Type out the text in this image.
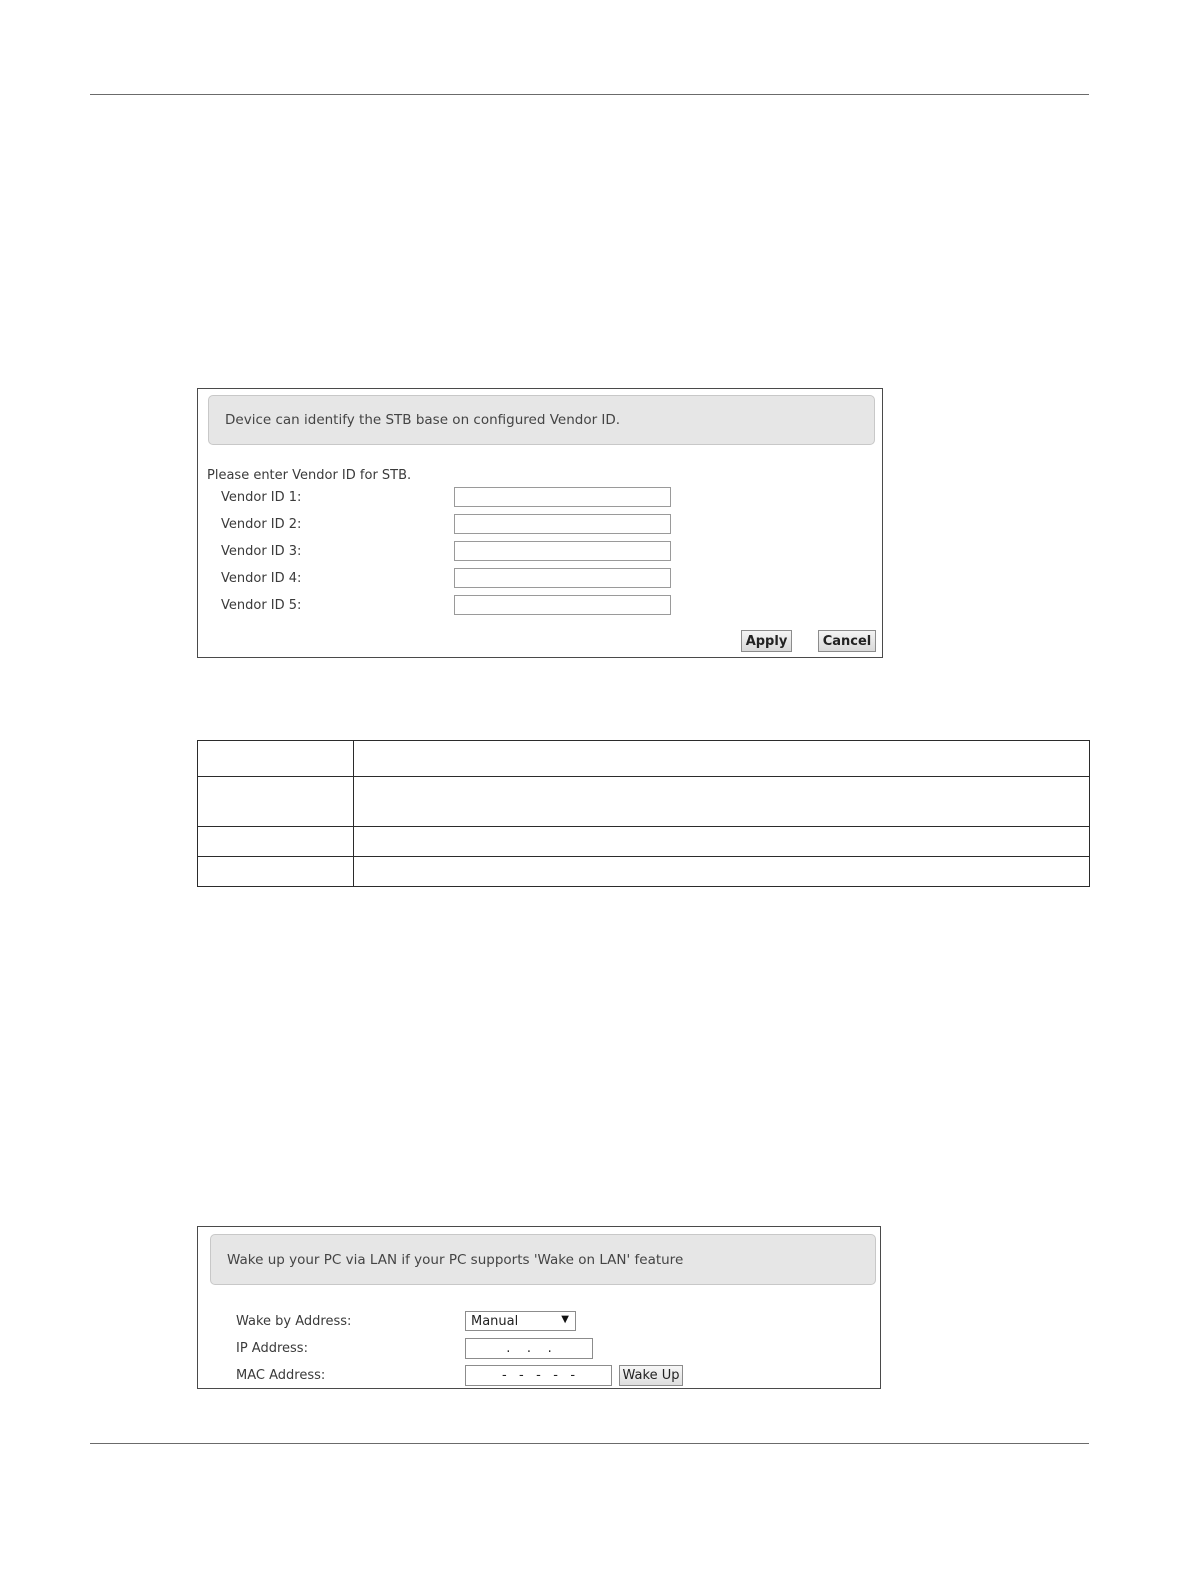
Device can identify the STB base on configured Vendor ID.
Please enter Vendor ID for STB.
Vendor ID 1:
Vendor ID 2:
Vendor ID 3:
Vendor ID 4:
Vendor ID 5:
Apply	Cancel

Wake up your PC via LAN if your PC supports 'Wake on LAN' feature
Wake by Address:	Manual	▼
IP Address:	.    .    .
MAC Address:	-   -   -   -   -	Wake Up
